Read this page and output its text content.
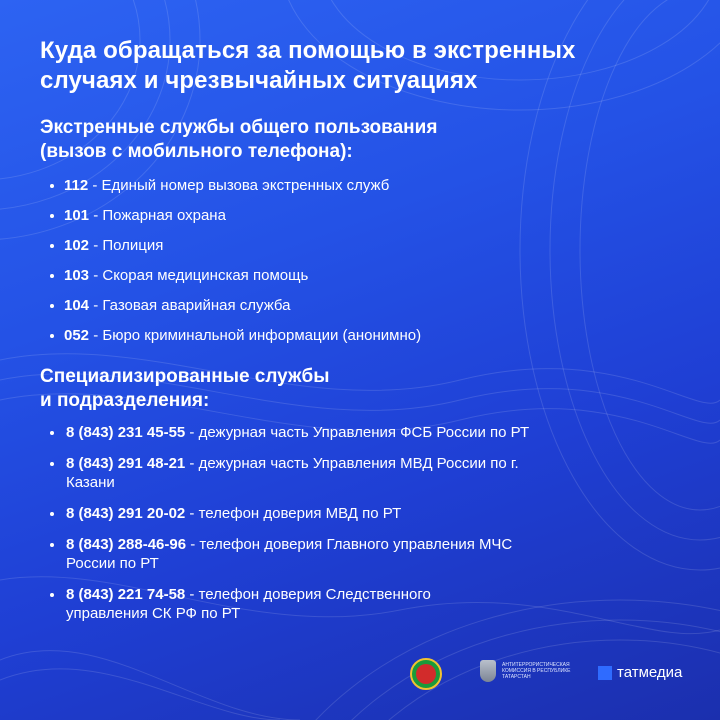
Куда обращаться за помощью в экстренных
случаях и чрезвычайных ситуациях
Экстренные службы общего пользования
(вызов с мобильного телефона):
112 - Единый номер вызова экстренных служб
101 - Пожарная охрана
102 - Полиция
103 - Скорая медицинская помощь
104 - Газовая аварийная служба
052 - Бюро криминальной информации (анонимно)
Специализированные службы
и подразделения:
8 (843) 231 45-55 - дежурная часть Управления ФСБ России по РТ
8 (843) 291 48-21 - дежурная часть Управления МВД России по г. Казани
8 (843) 291 20-02 - телефон доверия МВД по РТ
8 (843) 288-46-96 - телефон доверия Главного управления МЧС России по РТ
8 (843) 221 74-58 - телефон доверия Следственного управления СК РФ по РТ
АНТИТЕРРОРИСТИЧЕСКАЯ КОМИССИЯ В РЕСПУБЛИКЕ ТАТАРСТАН	татмедиа
